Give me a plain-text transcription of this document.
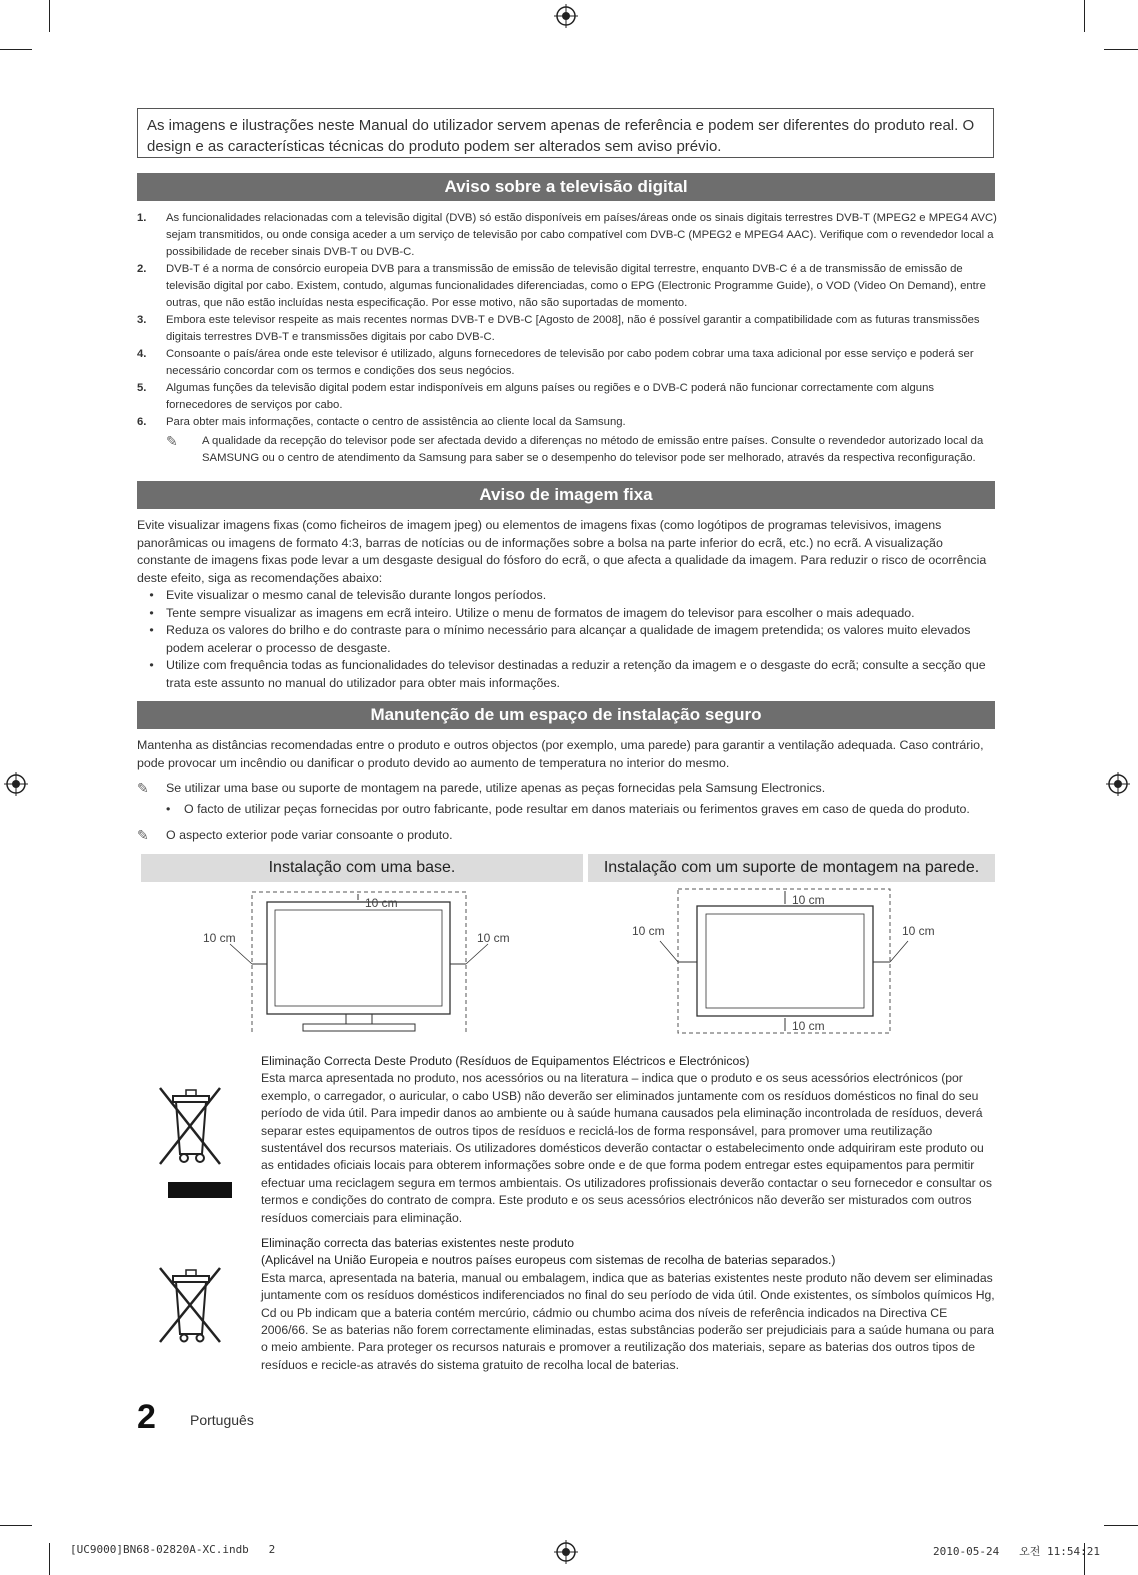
As imagens e ilustrações neste Manual do utilizador servem apenas de referência e podem ser diferentes do produto real. O design e as características técnicas do produto podem ser alterados sem aviso prévio.
Aviso sobre a televisão digital
1.	As funcionalidades relacionadas com a televisão digital (DVB) só estão disponíveis em países/áreas onde os sinais digitais terrestres DVB-T (MPEG2 e MPEG4 AVC) sejam transmitidos, ou onde consiga aceder a um serviço de televisão por cabo compatível com DVB-C (MPEG2 e MPEG4 AAC). Verifique com o revendedor local a possibilidade de receber sinais DVB-T ou DVB-C.
2.	DVB-T é a norma de consórcio europeia DVB para a transmissão de emissão de televisão digital terrestre, enquanto DVB-C é a de transmissão de emissão de televisão digital por cabo. Existem, contudo, algumas funcionalidades diferenciadas, como o EPG (Electronic Programme Guide), o VOD (Video On Demand), entre outras, que não estão incluídas nesta especificação. Por esse motivo, não são suportadas de momento.
3.	Embora este televisor respeite as mais recentes normas DVB-T e DVB-C [Agosto de 2008], não é possível garantir a compatibilidade com as futuras transmissões digitais terrestres DVB-T e transmissões digitais por cabo DVB-C.
4.	Consoante o país/área onde este televisor é utilizado, alguns fornecedores de televisão por cabo podem cobrar uma taxa adicional por esse serviço e poderá ser necessário concordar com os termos e condições dos seus negócios.
5.	Algumas funções da televisão digital podem estar indisponíveis em alguns países ou regiões e o DVB-C poderá não funcionar correctamente com alguns fornecedores de serviços por cabo.
6.	Para obter mais informações, contacte o centro de assistência ao cliente local da Samsung.
✎	A qualidade da recepção do televisor pode ser afectada devido a diferenças no método de emissão entre países. Consulte o revendedor autorizado local da SAMSUNG ou o centro de atendimento da Samsung para saber se o desempenho do televisor pode ser melhorado, através da respectiva reconfiguração.
Aviso de imagem fixa
Evite visualizar imagens fixas (como ficheiros de imagem jpeg) ou elementos de imagens fixas (como logótipos de programas televisivos, imagens panorâmicas ou imagens de formato 4:3, barras de notícias ou de informações sobre a bolsa na parte inferior do ecrã, etc.) no ecrã. A visualização constante de imagens fixas pode levar a um desgaste desigual do fósforo do ecrã, o que afecta a qualidade da imagem. Para reduzir o risco de ocorrência deste efeito, siga as recomendações abaixo:
• Evite visualizar o mesmo canal de televisão durante longos períodos.
• Tente sempre visualizar as imagens em ecrã inteiro. Utilize o menu de formatos de imagem do televisor para escolher o mais adequado.
• Reduza os valores do brilho e do contraste para o mínimo necessário para alcançar a qualidade de imagem pretendida; os valores muito elevados podem acelerar o processo de desgaste.
• Utilize com frequência todas as funcionalidades do televisor destinadas a reduzir a retenção da imagem e o desgaste do ecrã; consulte a secção que trata este assunto no manual do utilizador para obter mais informações.
Manutenção de um espaço de instalação seguro
Mantenha as distâncias recomendadas entre o produto e outros objectos (por exemplo, uma parede) para garantir a ventilação adequada. Caso contrário, pode provocar um incêndio ou danificar o produto devido ao aumento de temperatura no interior do mesmo.
✎	Se utilizar uma base ou suporte de montagem na parede, utilize apenas as peças fornecidas pela Samsung Electronics.
•	O facto de utilizar peças fornecidas por outro fabricante, pode resultar em danos materiais ou ferimentos graves em caso de queda do produto.
✎	O aspecto exterior pode variar consoante o produto.
Instalação com uma base.	Instalação com um suporte de montagem na parede.
10 cm
10 cm	10 cm
10 cm
10 cm	10 cm
10 cm
Eliminação Correcta Deste Produto (Resíduos de Equipamentos Eléctricos e Electrónicos)
Esta marca apresentada no produto, nos acessórios ou na literatura – indica que o produto e os seus acessórios electrónicos (por exemplo, o carregador, o auricular, o cabo USB) não deverão ser eliminados juntamente com os resíduos domésticos no final do seu período de vida útil. Para impedir danos ao ambiente ou à saúde humana causados pela eliminação incontrolada de resíduos, deverá separar estes equipamentos de outros tipos de resíduos e reciclá-los de forma responsável, para promover uma reutilização sustentável dos recursos materiais. Os utilizadores domésticos deverão contactar o estabelecimento onde adquiriram este produto ou as entidades oficiais locais para obterem informações sobre onde e de que forma podem entregar estes equipamentos para permitir efectuar uma reciclagem segura em termos ambientais. Os utilizadores profissionais deverão contactar o seu fornecedor e consultar os termos e condições do contrato de compra. Este produto e os seus acessórios electrónicos não deverão ser misturados com outros resíduos comerciais para eliminação.
Eliminação correcta das baterias existentes neste produto
(Aplicável na União Europeia e noutros países europeus com sistemas de recolha de baterias separados.)
Esta marca, apresentada na bateria, manual ou embalagem, indica que as baterias existentes neste produto não devem ser eliminadas juntamente com os resíduos domésticos indiferenciados no final do seu período de vida útil. Onde existentes, os símbolos químicos Hg, Cd ou Pb indicam que a bateria contém mercúrio, cádmio ou chumbo acima dos níveis de referência indicados na Directiva CE 2006/66. Se as baterias não forem correctamente eliminadas, estas substâncias poderão ser prejudiciais para a saúde humana ou para o meio ambiente. Para proteger os recursos naturais e promover a reutilização dos materiais, separe as baterias dos outros tipos de resíduos e recicle-as através do sistema gratuito de recolha local de baterias.
2 Português
[UC9000]BN68-02820A-XC.indb   2	2010-05-24   오전 11:54:21
